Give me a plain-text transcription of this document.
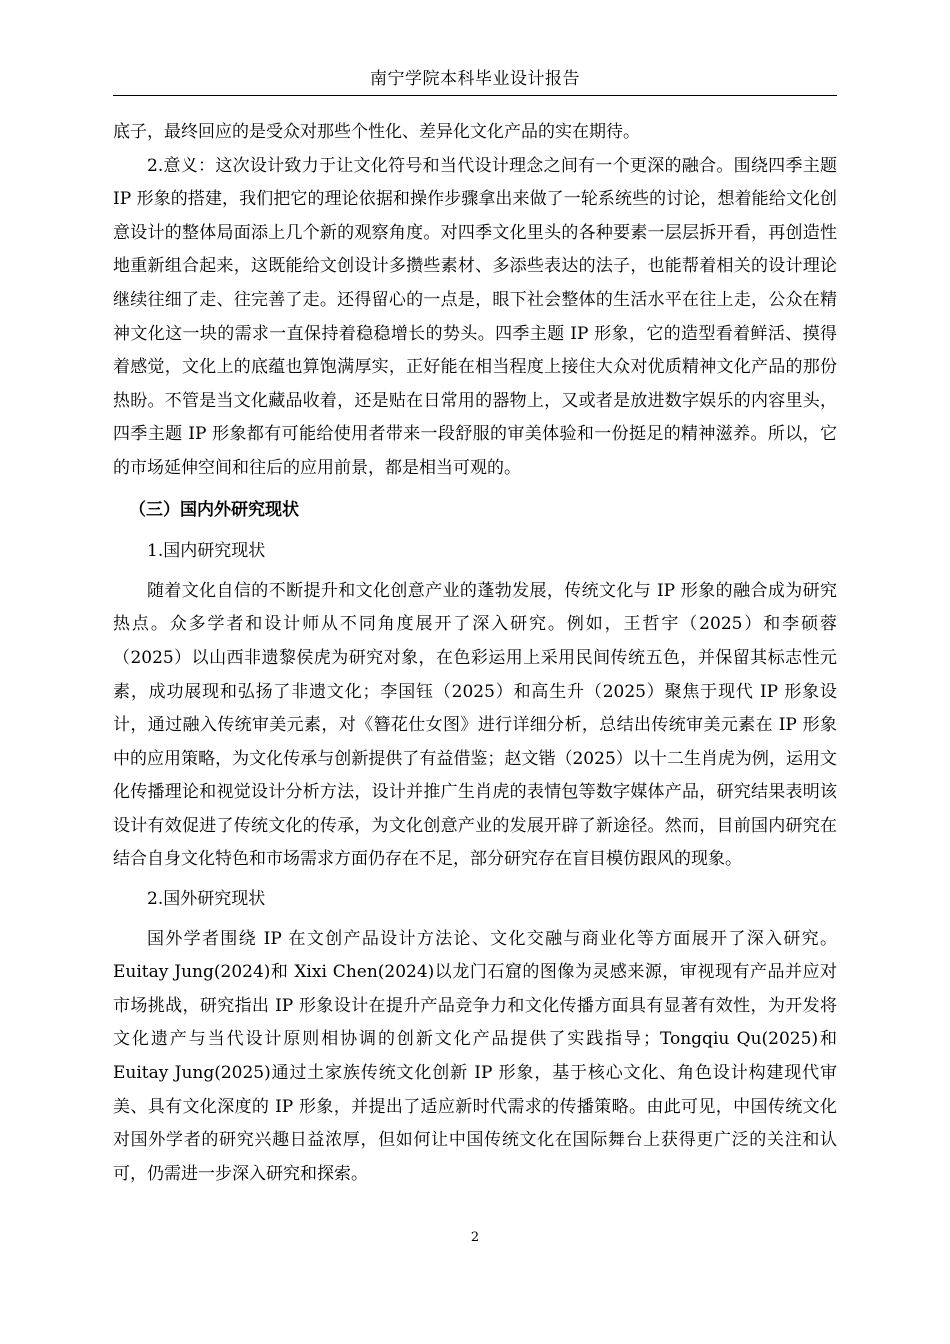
南宁学院本科毕业设计报告

底子，最终回应的是受众对那些个性化、差异化文化产品的实在期待。

2.意义：这次设计致力于让文化符号和当代设计理念之间有一个更深的融合。围绕四季主题 IP 形象的搭建，我们把它的理论依据和操作步骤拿出来做了一轮系统些的讨论，想着能给文化创意设计的整体局面添上几个新的观察角度。对四季文化里头的各种要素一层层拆开看，再创造性地重新组合起来，这既能给文创设计多攒些素材、多添些表达的法子，也能帮着相关的设计理论继续往细了走、往完善了走。还得留心的一点是，眼下社会整体的生活水平在往上走，公众在精神文化这一块的需求一直保持着稳稳增长的势头。四季主题 IP 形象，它的造型看着鲜活、摸得着感觉，文化上的底蕴也算饱满厚实，正好能在相当程度上接住大众对优质精神文化产品的那份热盼。不管是当文化藏品收着，还是贴在日常用的器物上，又或者是放进数字娱乐的内容里头，四季主题 IP 形象都有可能给使用者带来一段舒服的审美体验和一份挺足的精神滋养。所以，它的市场延伸空间和往后的应用前景，都是相当可观的。

（三）国内外研究现状

1.国内研究现状

随着文化自信的不断提升和文化创意产业的蓬勃发展，传统文化与 IP 形象的融合成为研究热点。众多学者和设计师从不同角度展开了深入研究。例如，王哲宇（2025）和李硕蓉（2025）以山西非遗黎侯虎为研究对象，在色彩运用上采用民间传统五色，并保留其标志性元素，成功展现和弘扬了非遗文化；李国钰（2025）和高生升（2025）聚焦于现代 IP 形象设计，通过融入传统审美元素，对《簪花仕女图》进行详细分析，总结出传统审美元素在 IP 形象中的应用策略，为文化传承与创新提供了有益借鉴；赵文锴（2025）以十二生肖虎为例，运用文化传播理论和视觉设计分析方法，设计并推广生肖虎的表情包等数字媒体产品，研究结果表明该设计有效促进了传统文化的传承，为文化创意产业的发展开辟了新途径。然而，目前国内研究在结合自身文化特色和市场需求方面仍存在不足，部分研究存在盲目模仿跟风的现象。

2.国外研究现状

国外学者围绕 IP 在文创产品设计方法论、文化交融与商业化等方面展开了深入研究。Euitay Jung(2024)和 Xixi Chen(2024)以龙门石窟的图像为灵感来源，审视现有产品并应对市场挑战，研究指出 IP 形象设计在提升产品竞争力和文化传播方面具有显著有效性，为开发将文化遗产与当代设计原则相协调的创新文化产品提供了实践指导；Tongqiu Qu(2025)和 Euitay Jung(2025)通过土家族传统文化创新 IP 形象，基于核心文化、角色设计构建现代审美、具有文化深度的 IP 形象，并提出了适应新时代需求的传播策略。由此可见，中国传统文化对国外学者的研究兴趣日益浓厚，但如何让中国传统文化在国际舞台上获得更广泛的关注和认可，仍需进一步深入研究和探索。

2
